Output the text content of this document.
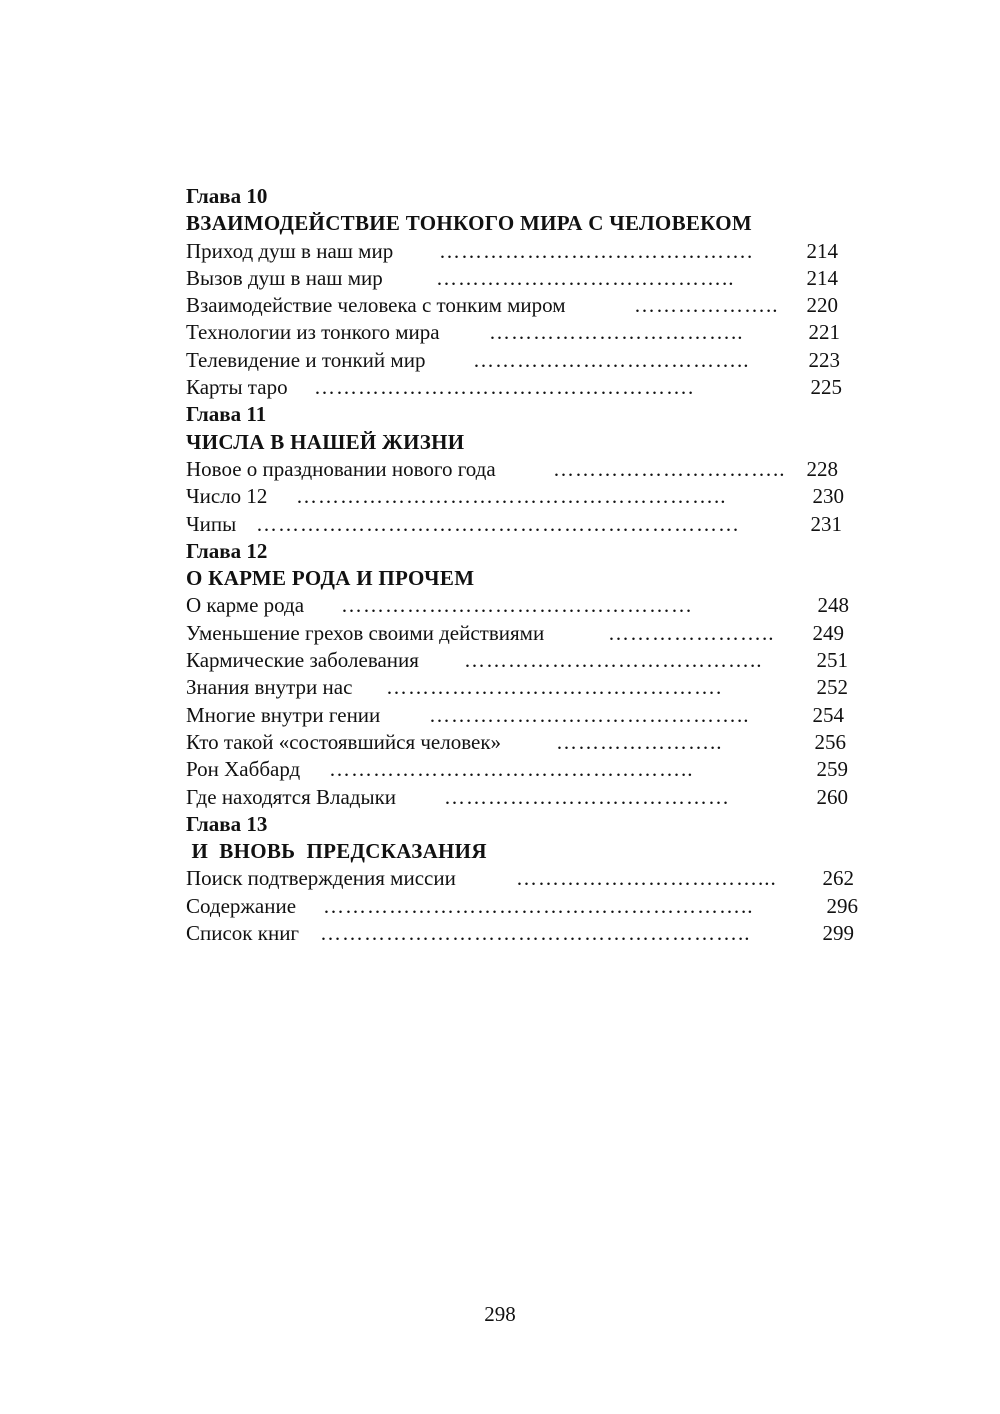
Глава 10
ВЗАИМОДЕЙСТВИЕ ТОНКОГО МИРА С ЧЕЛОВЕКОМ
Приход душ в наш мир	…………………………………….	214
Вызов душ в наш мир	…………………………………..	214
Взаимодействие человека с тонким миром	………………..	220
Технологии из тонкого мира	……………………………..	221
Телевидение и тонкий мир	………………………………..	223
Карты таро	…………………………………………….	225
Глава 11
ЧИСЛА В НАШЕЙ ЖИЗНИ
Новое о праздновании нового года	…………………………..	228
Число 12	…………………………………………………..	230
Чипы …………………………………………………………	231
Глава 12
О КАРМЕ РОДА И ПРОЧЕМ
О карме рода	…………………………………………	248
Уменьшение грехов своими действиями	…………………..	249
Кармические заболевания	…………………………………..	251
Знания внутри нас	……………………………………….	252
Многие внутри гении	……………………………………..	254
Кто такой «состоявшийся человек»	…………………..	256
Рон Хаббард	…………………………………………..	259
Где находятся Владыки	…………………………………	260
Глава 13
И  ВНОВЬ  ПРЕДСКАЗАНИЯ
Поиск подтверждения миссии	……………………………...	262
Содержание	…………………………………………………..	296
Список книг …………………………………………………..	299
298
